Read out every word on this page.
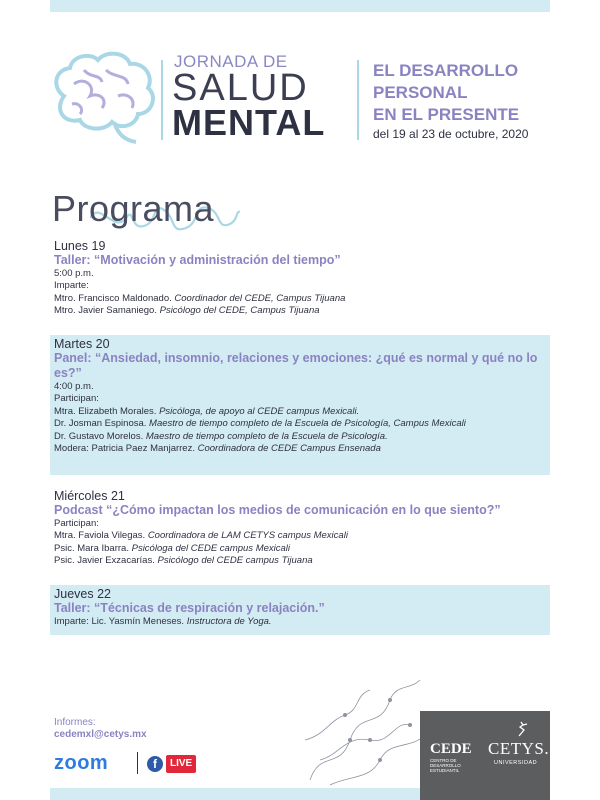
JORNADA DE
SALUD
MENTAL
EL DESARROLLO
PERSONAL
EN EL PRESENTE
del 19 al 23 de octubre, 2020
Programa
Lunes 19
Taller: “Motivación y administración del tiempo”
5:00 p.m.
Imparte:
Mtro. Francisco Maldonado. Coordinador del CEDE, Campus Tijuana
Mtro. Javier Samaniego. Psicólogo del CEDE, Campus Tijuana
Martes 20
Panel: “Ansiedad, insomnio, relaciones y emociones: ¿qué es normal y qué no lo es?”
4:00 p.m.
Participan:
Mtra. Elizabeth Morales. Psicóloga, de apoyo al CEDE campus Mexicali.
Dr. Josman Espinosa. Maestro de tiempo completo de la Escuela de Psicología, Campus Mexicali
Dr. Gustavo Morelos. Maestro de tiempo completo de la Escuela de Psicología.
Modera: Patricia Paez Manjarrez. Coordinadora de CEDE Campus Ensenada
Miércoles 21
Podcast “¿Cómo impactan los medios de comunicación en lo que siento?”
Participan:
Mtra. Faviola Vilegas. Coordinadora de LAM CETYS campus Mexicali
Psic. Mara Ibarra. Psicóloga del CEDE campus Mexicali
Psic. Javier Exzacarías. Psicólogo del CEDE campus Tijuana
Jueves 22
Taller: “Técnicas de respiración y relajación.”
Imparte: Lic. Yasmín Meneses. Instructora de Yoga.
Informes:
cedemxl@cetys.mx
zoom	f	LIVE
CEDE
CENTRO DE DESARROLLO ESTUDIANTIL
CETYS.
UNIVERSIDAD
